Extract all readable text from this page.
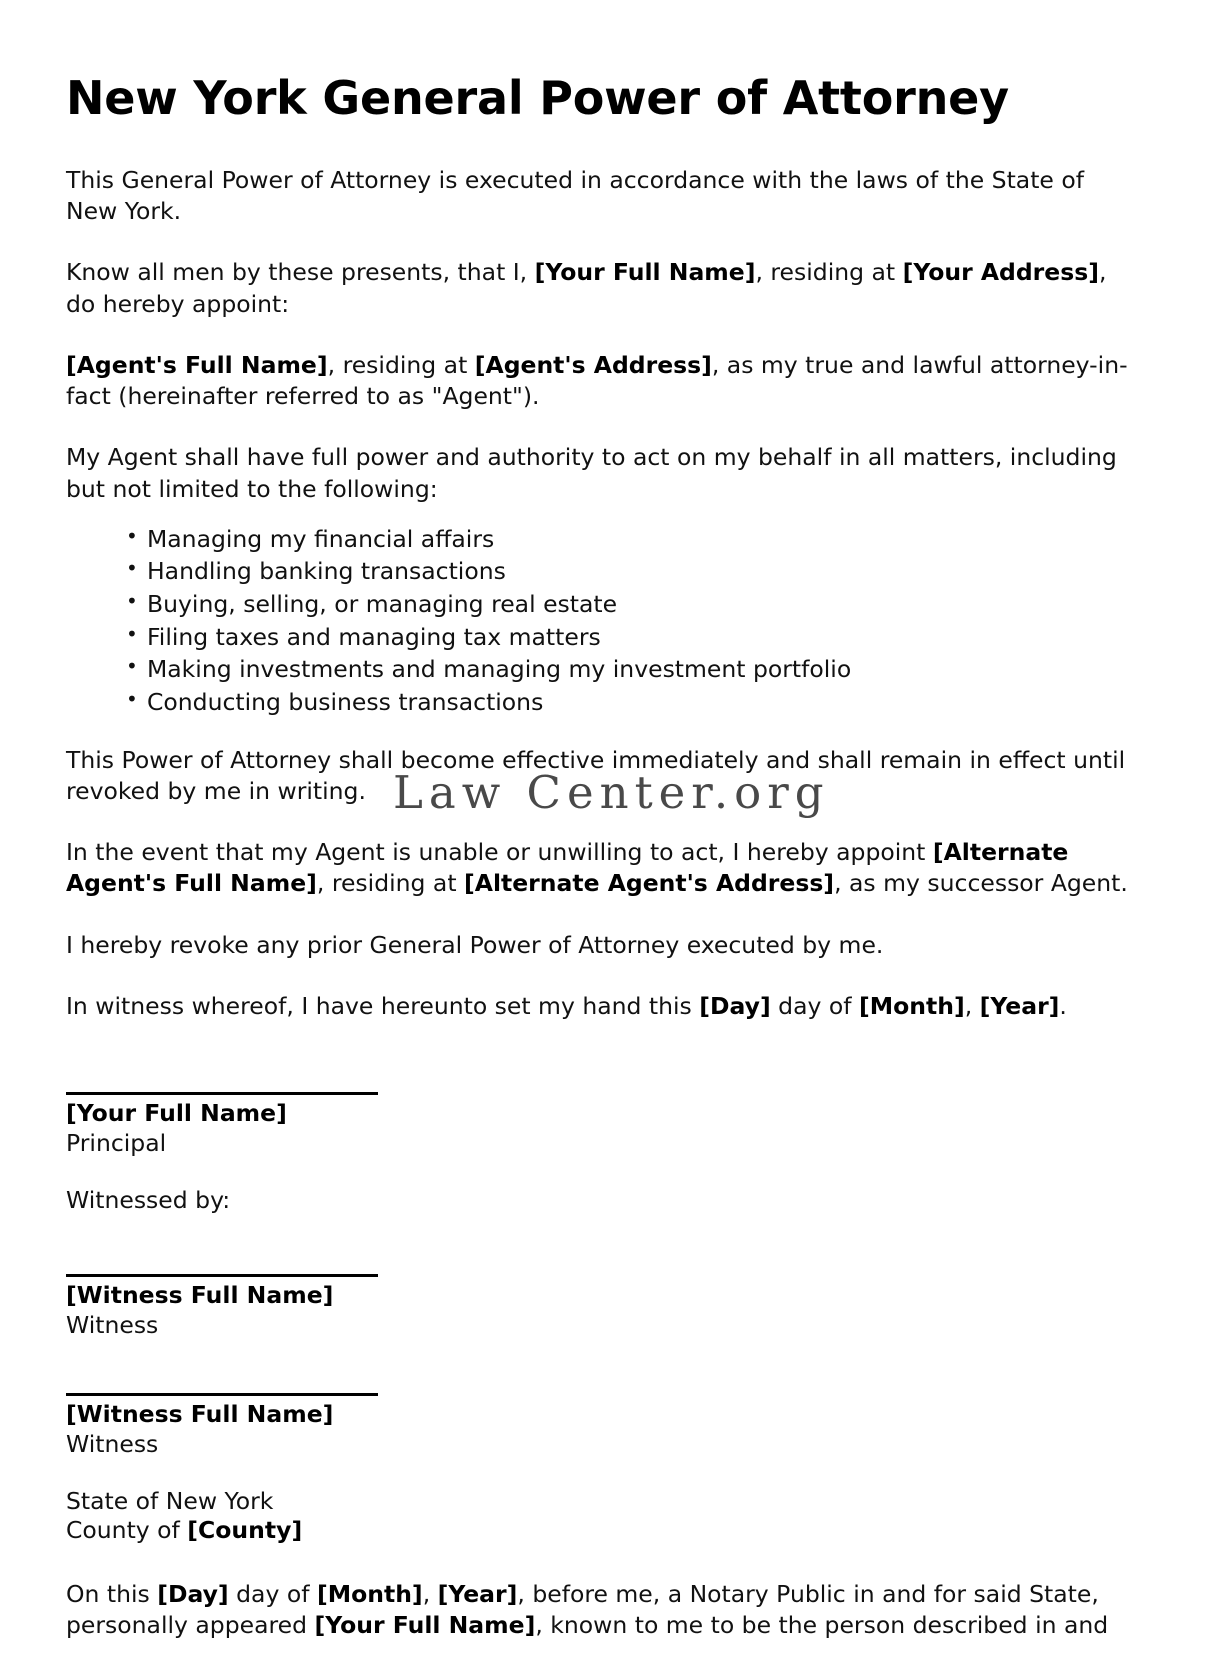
Law Center.org
New York General Power of Attorney

This General Power of Attorney is executed in accordance with the laws of the State of New York.

Know all men by these presents, that I, [Your Full Name], residing at [Your Address], do hereby appoint:

[Agent's Full Name], residing at [Agent's Address], as my true and lawful attorney-in-fact (hereinafter referred to as "Agent").

My Agent shall have full power and authority to act on my behalf in all matters, including but not limited to the following:

• Managing my financial affairs
• Handling banking transactions
• Buying, selling, or managing real estate
• Filing taxes and managing tax matters
• Making investments and managing my investment portfolio
• Conducting business transactions

This Power of Attorney shall become effective immediately and shall remain in effect until revoked by me in writing.

In the event that my Agent is unable or unwilling to act, I hereby appoint [Alternate Agent's Full Name], residing at [Alternate Agent's Address], as my successor Agent.

I hereby revoke any prior General Power of Attorney executed by me.

In witness whereof, I have hereunto set my hand this [Day] day of [Month], [Year].

[Your Full Name]
Principal

Witnessed by:

[Witness Full Name]
Witness
[Witness Full Name]
Witness

State of New York

County of [County]

On this [Day] day of [Month], [Year], before me, a Notary Public in and for said State, personally appeared [Your Full Name], known to me to be the person described in and
